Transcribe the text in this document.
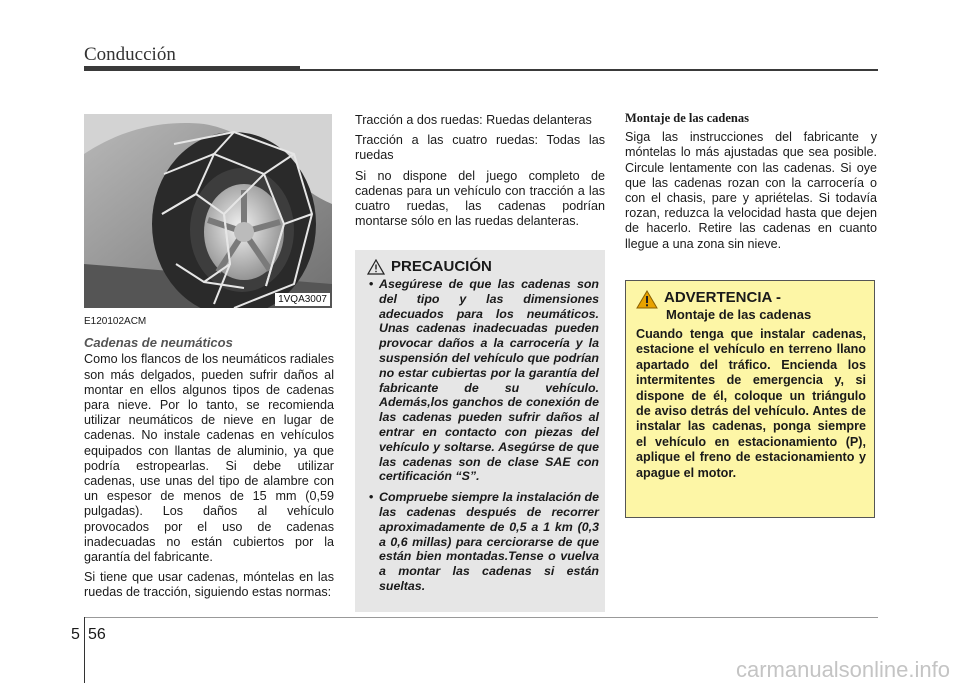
Conducción
1VQA3007
E120102ACM
Cadenas de neumáticos

Como los flancos de los neumáticos radiales son más delgados, pueden sufrir daños al montar en ellos algunos tipos de cadenas para nieve. Por lo tanto, se recomienda utilizar neumáticos de nieve en lugar de cadenas. No instale cadenas en vehículos equipados con llantas de aluminio, ya que podría estropearlas. Si debe utilizar cadenas, use unas del tipo de alambre con un espesor de menos de 15 mm (0,59 pulgadas). Los daños al vehículo provocados por el uso de cadenas inadecuadas no están cubiertos por la garantía del fabricante.

Si tiene que usar cadenas, móntelas en las ruedas de tracción, siguiendo estas normas:

Tracción a dos ruedas: Ruedas delanteras

Tracción a las cuatro ruedas: Todas las ruedas

Si no dispone del juego completo de cadenas para un vehículo con tracción a las cuatro ruedas, las cadenas podrían montarse sólo en las ruedas delanteras.

PRECAUCIÓN
• Asegúrese de que las cadenas son del tipo y las dimensiones adecuados para los neumáticos. Unas cadenas inadecuadas pueden provocar daños a la carrocería y la suspensión del vehículo que podrían no estar cubiertas por la garantía del fabricante de su vehículo. Además,los ganchos de conexión de las cadenas pueden sufrir daños al entrar en contacto con piezas del vehículo y soltarse. Asegúrse de que las cadenas son de clase SAE con certificación “S”.
• Compruebe siempre la instalación de las cadenas después de recorrer aproximadamente de 0,5 a 1 km (0,3 a 0,6 millas) para cerciorarse de que están bien montadas.Tense o vuelva a montar las cadenas si están sueltas.
Montaje de las cadenas

Siga las instrucciones del fabricante y móntelas lo más ajustadas que sea posible. Circule lentamente con las cadenas. Si oye que las cadenas rozan con la carrocería o con el chasis, pare y apriételas. Si todavía rozan, reduzca la velocidad hasta que dejen de hacerlo. Retire las cadenas en cuanto llegue a una zona sin nieve.

ADVERTENCIA -
Montaje de las cadenas

Cuando tenga que instalar cadenas, estacione el vehículo en terreno llano apartado del tráfico. Encienda los intermitentes de emergencia y, si dispone de él, coloque un triángulo de aviso detrás del vehículo. Antes de instalar las cadenas, ponga siempre el vehículo en estacionamiento (P), aplique el freno de estacionamiento y apague el motor.

5 56
carmanualsonline.info
